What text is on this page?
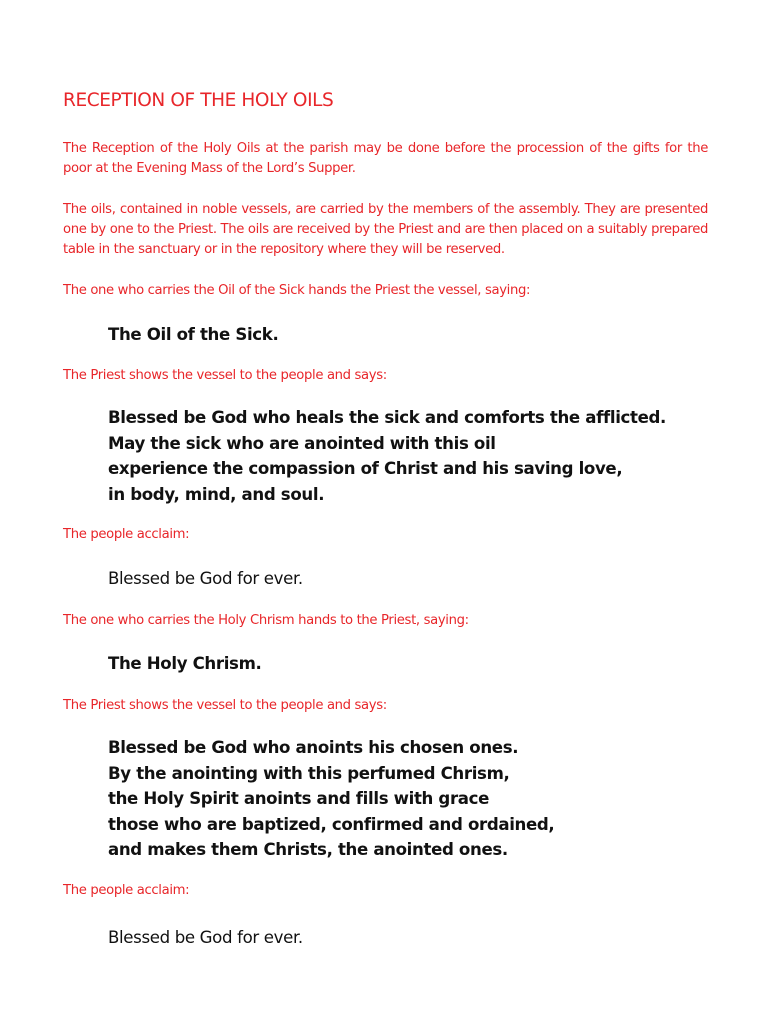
RECEPTION OF THE HOLY OILS

The Reception of the Holy Oils at the parish may be done before the procession of the gifts for the poor at the Evening Mass of the Lord’s Supper.

The oils, contained in noble vessels, are carried by the members of the assembly. They are presented one by one to the Priest. The oils are received by the Priest and are then placed on a suitably prepared table in the sanctuary or in the repository where they will be reserved.

The one who carries the Oil of the Sick hands the Priest the vessel, saying:

The Oil of the Sick.

The Priest shows the vessel to the people and says:

Blessed be God who heals the sick and comforts the afflicted.
May the sick who are anointed with this oil
experience the compassion of Christ and his saving love,
in body, mind, and soul.

The people acclaim:

Blessed be God for ever.

The one who carries the Holy Chrism hands to the Priest, saying:

The Holy Chrism.

The Priest shows the vessel to the people and says:

Blessed be God who anoints his chosen ones.
By the anointing with this perfumed Chrism,
the Holy Spirit anoints and fills with grace
those who are baptized, confirmed and ordained,
and makes them Christs, the anointed ones.

The people acclaim:

Blessed be God for ever.
